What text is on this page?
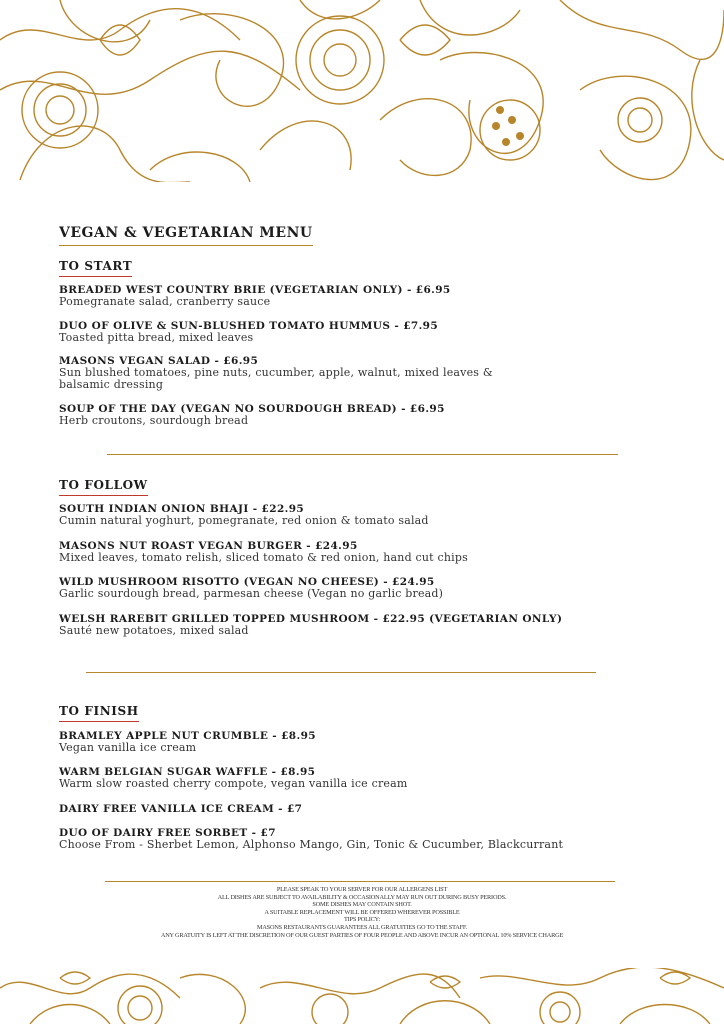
VEGAN & VEGETARIAN MENU
TO START
BREADED WEST COUNTRY BRIE (VEGETARIAN ONLY) - £6.95
Pomegranate salad, cranberry sauce
DUO OF OLIVE & SUN-BLUSHED TOMATO HUMMUS - £7.95
Toasted pitta bread, mixed leaves
MASONS VEGAN SALAD - £6.95
Sun blushed tomatoes, pine nuts, cucumber, apple, walnut, mixed leaves & balsamic dressing
SOUP OF THE DAY (VEGAN NO SOURDOUGH BREAD) - £6.95
Herb croutons, sourdough bread
TO FOLLOW
SOUTH INDIAN ONION BHAJI - £22.95
Cumin natural yoghurt, pomegranate, red onion & tomato salad
MASONS NUT ROAST VEGAN BURGER - £24.95
Mixed leaves, tomato relish, sliced tomato & red onion, hand cut chips
WILD MUSHROOM RISOTTO (VEGAN NO CHEESE) - £24.95
Garlic sourdough bread, parmesan cheese (Vegan no garlic bread)
WELSH RAREBIT GRILLED TOPPED MUSHROOM - £22.95 (VEGETARIAN ONLY)
Sauté new potatoes, mixed salad
TO FINISH
BRAMLEY APPLE NUT CRUMBLE - £8.95
Vegan vanilla ice cream
WARM BELGIAN SUGAR WAFFLE - £8.95
Warm slow roasted cherry compote, vegan vanilla ice cream
DAIRY FREE VANILLA ICE CREAM - £7
DUO OF DAIRY FREE SORBET - £7
Choose From - Sherbet Lemon, Alphonso Mango, Gin, Tonic & Cucumber, Blackcurrant
PLEASE SPEAK TO YOUR SERVER FOR OUR ALLERGENS LIST
ALL DISHES ARE SUBJECT TO AVAILABILITY & OCCASIONALLY MAY RUN OUT DURING BUSY PERIODS.
SOME DISHES MAY CONTAIN SHOT.
A SUITABLE REPLACEMENT WILL BE OFFERED WHEREVER POSSIBLE
TIPS POLICY:
MASONS RESTAURANTS GUARANTEES ALL GRATUITIES GO TO THE STAFF.
ANY GRATUITY IS LEFT AT THE DISCRETION OF OUR GUEST PARTIES OF FOUR PEOPLE AND ABOVE INCUR AN OPTIONAL 10% SERVICE CHARGE
